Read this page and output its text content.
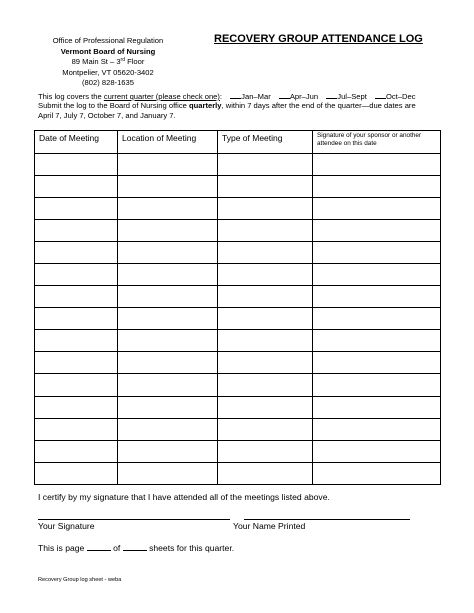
Office of Professional Regulation
Vermont Board of Nursing
89 Main St – 3rd Floor
Montpelier, VT 05620-3402
(802) 828-1635
RECOVERY GROUP ATTENDANCE LOG
This log covers the current quarter (please check one):	Jan–Mar	Apr–Jun	Jul–Sept	Oct–Dec
Submit the log to the Board of Nursing office quarterly, within 7 days after the end of the quarter—due dates are
April 7, July 7, October 7, and January 7.
Date of Meeting	Location of Meeting	Type of Meeting	Signature of your sponsor or another attendee on this date

I certify by my signature that I have attended all of the meetings listed above.
Your Signature	Your Name Printed
This is page	of	sheets for this quarter.
Recovery Group log sheet - weba
